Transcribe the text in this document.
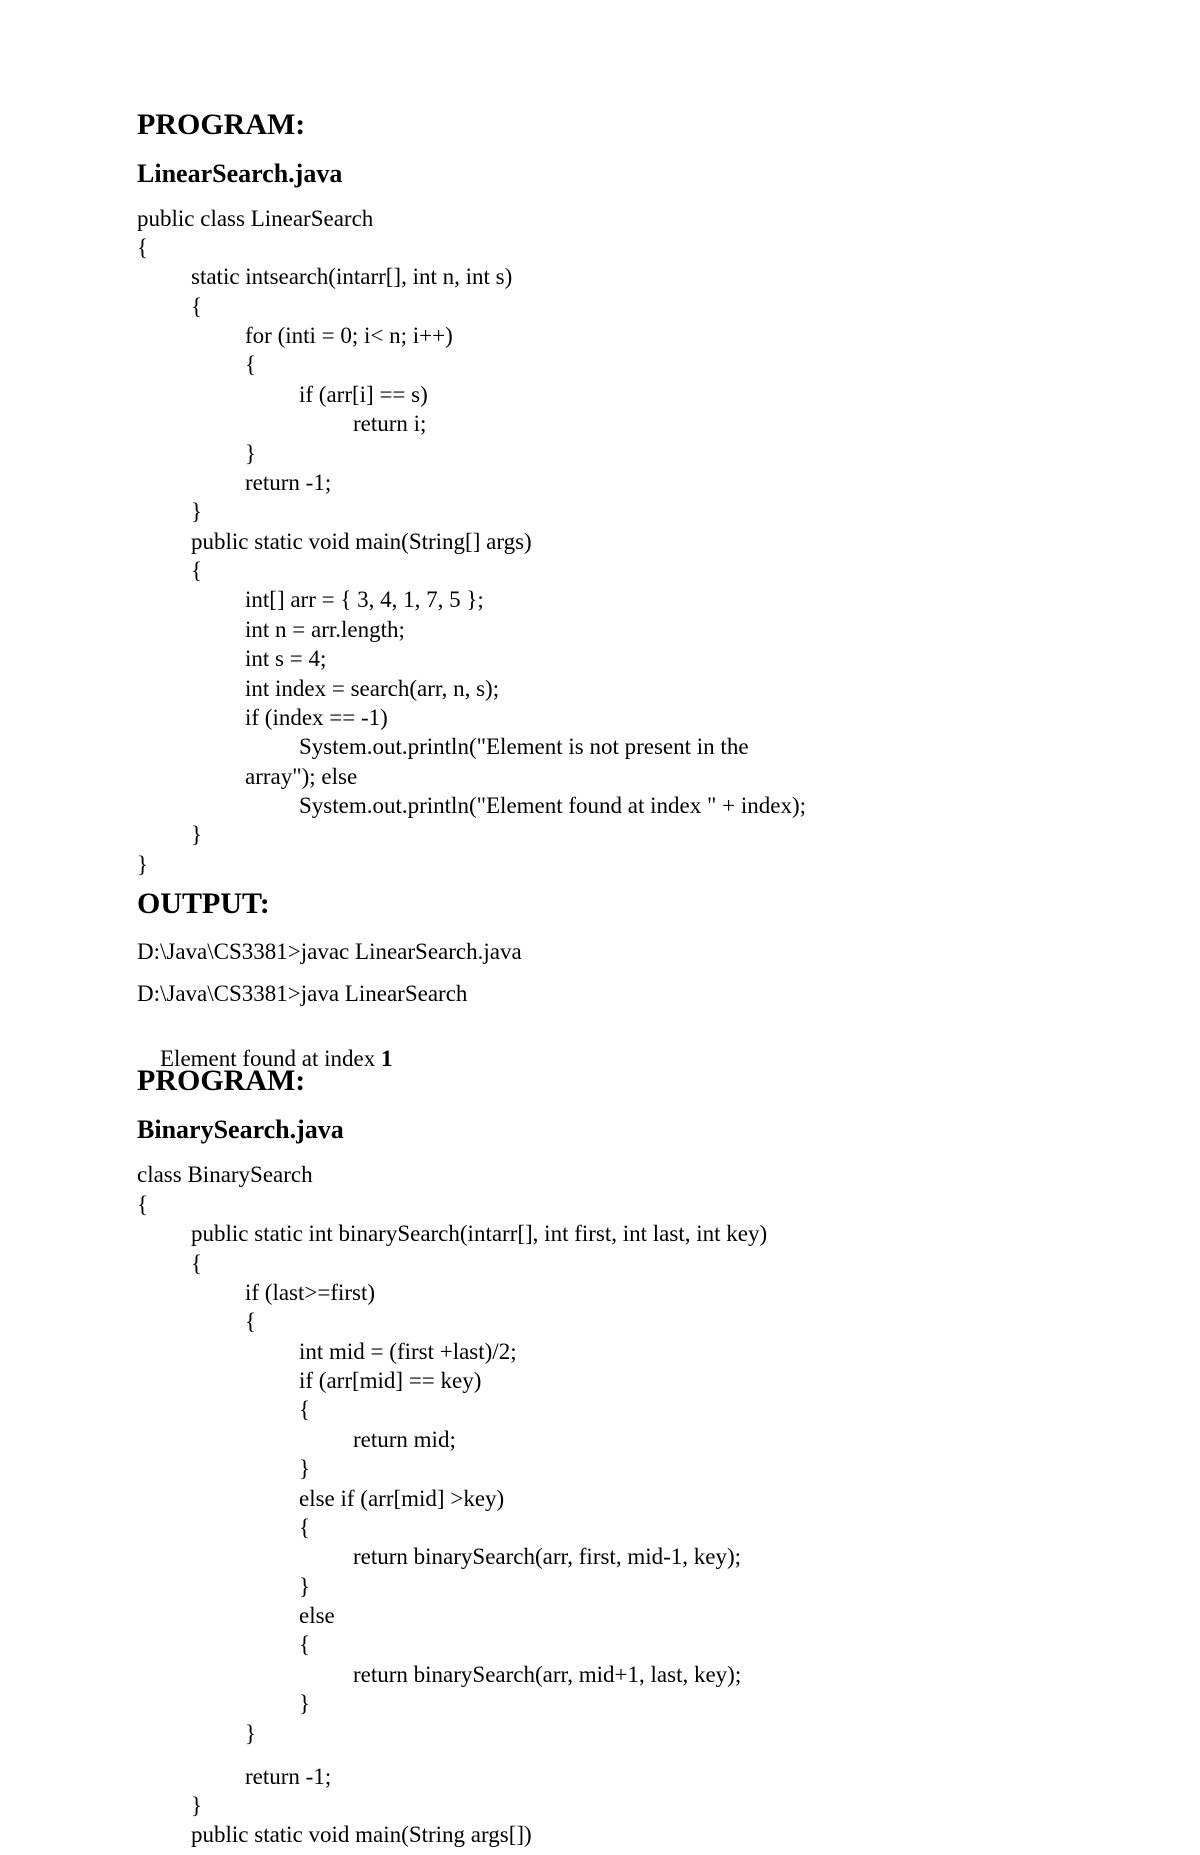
PROGRAM:
LinearSearch.java
public class LinearSearch
{
static intsearch(intarr[], int n, int s)
{
for (inti = 0; i< n; i++)
{
if (arr[i] == s)
return i;
}
return -1;
}
public static void main(String[] args)
{
int[] arr = { 3, 4, 1, 7, 5 };
int n = arr.length;
int s = 4;
int index = search(arr, n, s);
if (index == -1)
System.out.println("Element is not present in the
array"); else
System.out.println("Element found at index " + index);
}
}
OUTPUT:
D:\Java\CS3381>javac LinearSearch.java
D:\Java\CS3381>java LinearSearch

Element found at index 1

PROGRAM:
BinarySearch.java
class BinarySearch
{
public static int binarySearch(intarr[], int first, int last, int key)
{
if (last>=first)
{
int mid = (first +last)/2;
if (arr[mid] == key)
{
return mid;
}
else if (arr[mid] >key)
{
return binarySearch(arr, first, mid-1, key);
}
else
{
return binarySearch(arr, mid+1, last, key);
}
}
return -1;
}
public static void main(String args[])
